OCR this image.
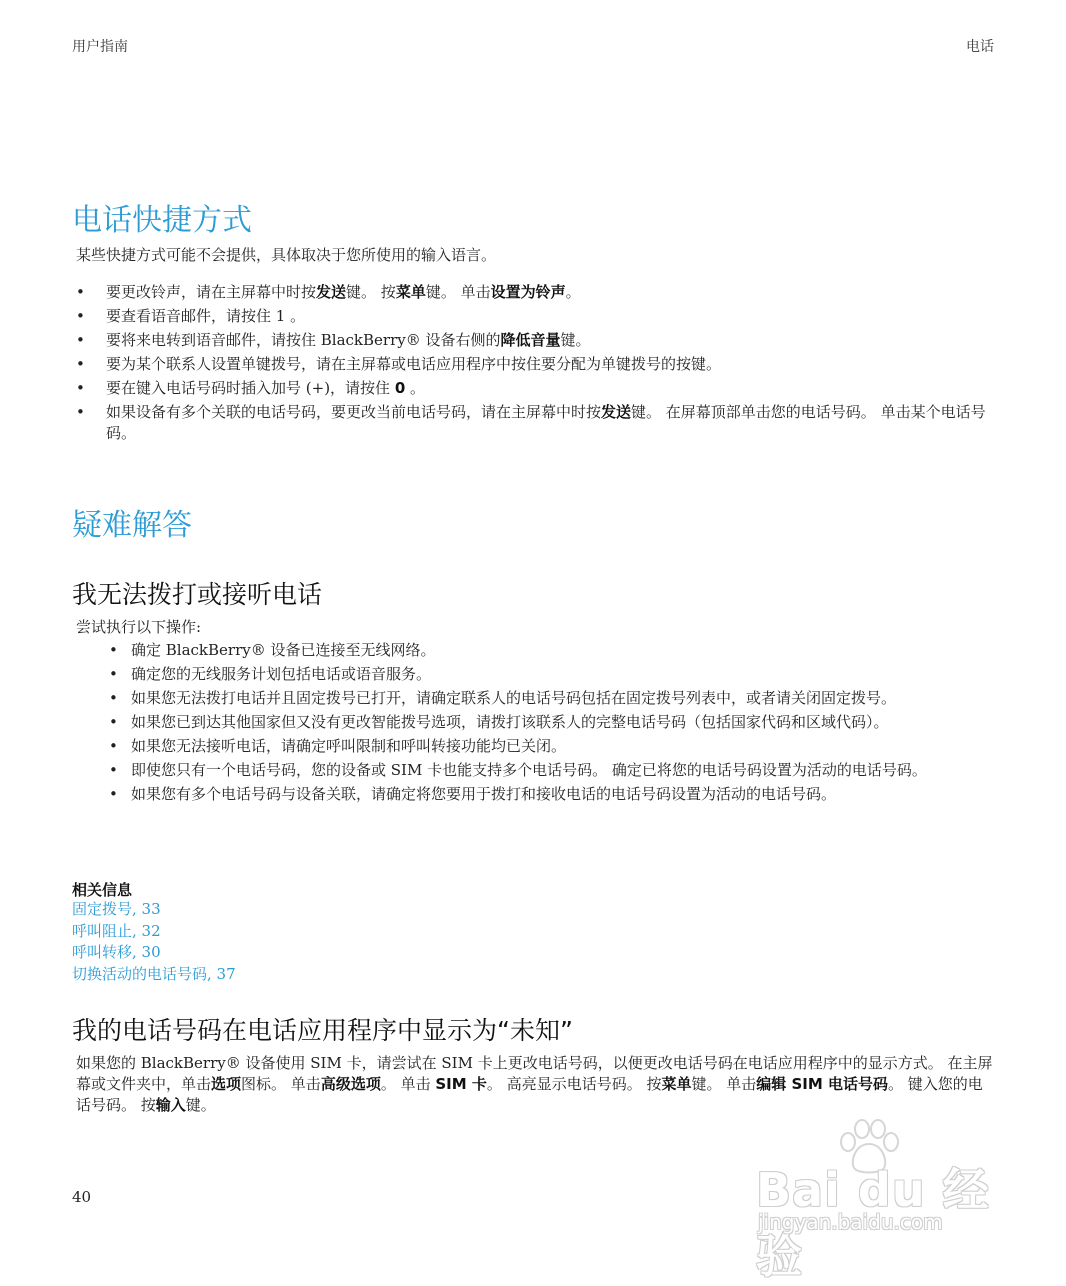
用户指南	电话
电话快捷方式

某些快捷方式可能不会提供，具体取决于您所使用的输入语言。

• 要更改铃声，请在主屏幕中时按发送键。 按菜单键。 单击设置为铃声。
• 要查看语音邮件，请按住 1 。
• 要将来电转到语音邮件，请按住 BlackBerry® 设备右侧的降低音量键。
• 要为某个联系人设置单键拨号，请在主屏幕或电话应用程序中按住要分配为单键拨号的按键。
• 要在键入电话号码时插入加号 (+)，请按住 0 。
• 如果设备有多个关联的电话号码，要更改当前电话号码，请在主屏幕中时按发送键。 在屏幕顶部单击您的电话号码。 单击某个电话号码。
疑难解答
我无法拨打或接听电话

尝试执行以下操作:

• 确定 BlackBerry® 设备已连接至无线网络。
• 确定您的无线服务计划包括电话或语音服务。
• 如果您无法拨打电话并且固定拨号已打开，请确定联系人的电话号码包括在固定拨号列表中，或者请关闭固定拨号。
• 如果您已到达其他国家但又没有更改智能拨号选项，请拨打该联系人的完整电话号码（包括国家代码和区域代码）。
• 如果您无法接听电话，请确定呼叫限制和呼叫转接功能均已关闭。
• 即使您只有一个电话号码，您的设备或 SIM 卡也能支持多个电话号码。 确定已将您的电话号码设置为活动的电话号码。
• 如果您有多个电话号码与设备关联，请确定将您要用于拨打和接收电话的电话号码设置为活动的电话号码。
相关信息
固定拨号, 33
呼叫阻止, 32
呼叫转移, 30
切换活动的电话号码, 37
我的电话号码在电话应用程序中显示为“未知”

如果您的 BlackBerry® 设备使用 SIM 卡，请尝试在 SIM 卡上更改电话号码，以便更改电话号码在电话应用程序中的显示方式。 在主屏幕或文件夹中，单击选项图标。 单击高级选项。 单击 SIM 卡。 高亮显示电话号码。 按菜单键。 单击编辑 SIM 电话号码。 键入您的电话号码。 按输入键。

40	Bai du 经验
jingyan.baidu.com
